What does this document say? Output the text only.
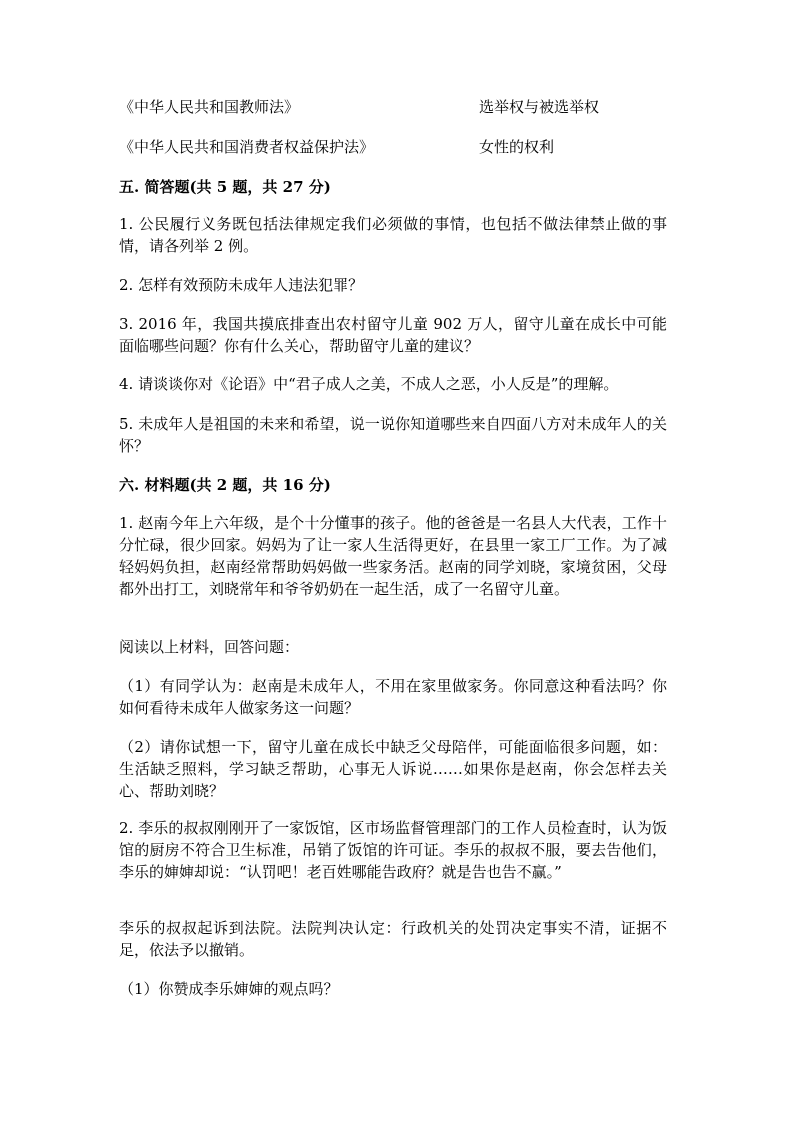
《中华人民共和国教师法》	选举权与被选举权
《中华人民共和国消费者权益保护法》	女性的权利
五. 简答题(共 5 题，共 27 分)
1. 公民履行义务既包括法律规定我们必须做的事情，也包括不做法律禁止做的事情，请各列举 2 例。
2. 怎样有效预防未成年人违法犯罪？
3. 2016 年，我国共摸底排查出农村留守儿童 902 万人，留守儿童在成长中可能面临哪些问题？你有什么关心，帮助留守儿童的建议？
4. 请谈谈你对《论语》中“君子成人之美，不成人之恶，小人反是”的理解。
5. 未成年人是祖国的未来和希望，说一说你知道哪些来自四面八方对未成年人的关怀？
六. 材料题(共 2 题，共 16 分)
1. 赵南今年上六年级，是个十分懂事的孩子。他的爸爸是一名县人大代表，工作十分忙碌，很少回家。妈妈为了让一家人生活得更好，在县里一家工厂工作。为了减轻妈妈负担，赵南经常帮助妈妈做一些家务活。赵南的同学刘晓，家境贫困，父母都外出打工，刘晓常年和爷爷奶奶在一起生活，成了一名留守儿童。
阅读以上材料，回答问题：
（1）有同学认为：赵南是未成年人，不用在家里做家务。你同意这种看法吗？你如何看待未成年人做家务这一问题？
（2）请你试想一下，留守儿童在成长中缺乏父母陪伴，可能面临很多问题，如：生活缺乏照料，学习缺乏帮助，心事无人诉说……如果你是赵南，你会怎样去关心、帮助刘晓？
2. 李乐的叔叔刚刚开了一家饭馆，区市场监督管理部门的工作人员检查时，认为饭馆的厨房不符合卫生标准，吊销了饭馆的许可证。李乐的叔叔不服，要去告他们，李乐的婶婶却说：“认罚吧！老百姓哪能告政府？就是告也告不赢。”
李乐的叔叔起诉到法院。法院判决认定：行政机关的处罚决定事实不清，证据不足，依法予以撤销。
（1）你赞成李乐婶婶的观点吗？
